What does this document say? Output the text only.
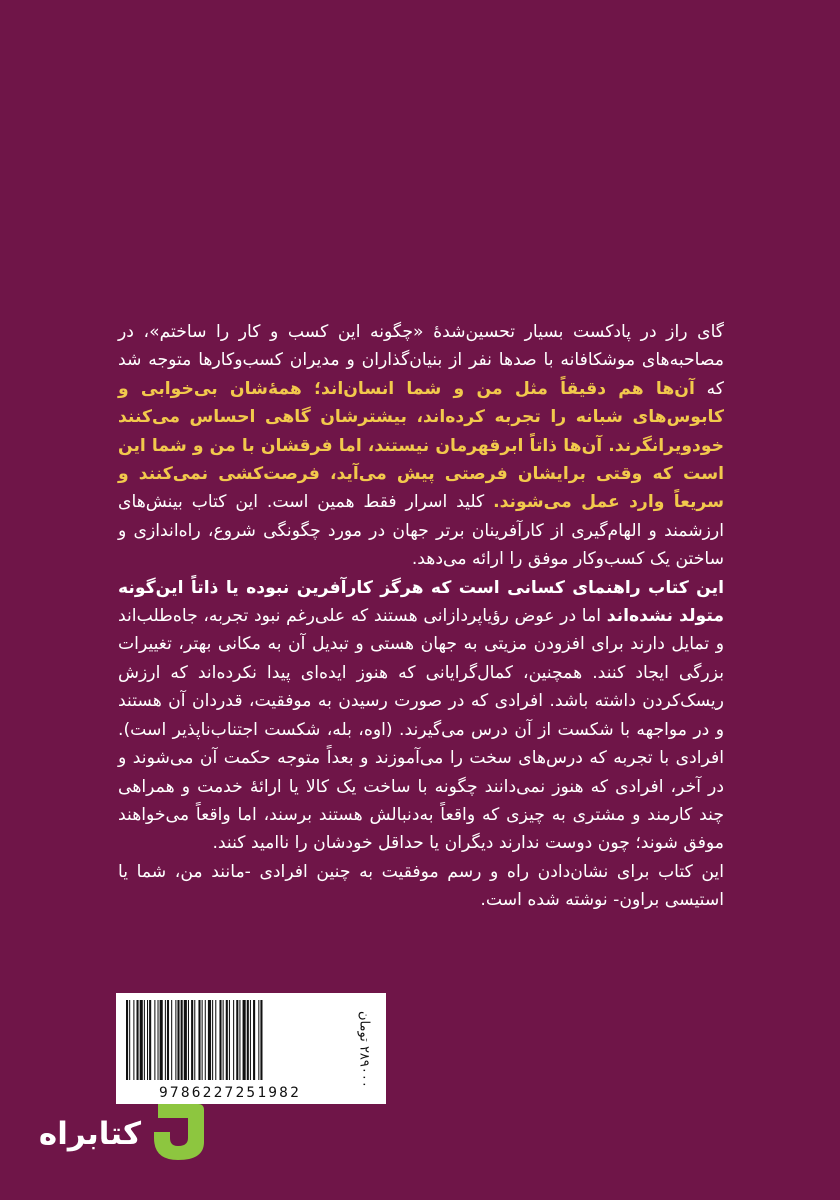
گای راز در پادکست بسیار تحسین‌شدهٔ «چگونه این کسب و کار را ساختم»، در مصاحبه‌های موشکافانه با صدها نفر از بنیان‌گذاران و مدیران کسب‌وکارها متوجه شد که آن‌ها هم دقیقاً مثل من و شما انسان‌اند؛ همهٔ‌شان بی‌خوابی و کابوس‌های شبانه را تجربه کرده‌اند، بیشترشان گاهی احساس می‌کنند خودویرانگرند. آن‌ها ذاتاً ابرقهرمان نیستند، اما فرقشان با من و شما این است که وقتی برایشان فرصتی پیش می‌آید، فرصت‌کشی نمی‌کنند و سریعاً وارد عمل می‌شوند. کلید اسرار فقط همین است. این کتاب بینش‌های ارزشمند و الهام‌گیری از کارآفرینان برتر جهان در مورد چگونگی شروع، راه‌اندازی و ساختن یک کسب‌وکار موفق را ارائه می‌دهد.

این کتاب راهنمای کسانی است که هرگز کارآفرین نبوده یا ذاتاً این‌گونه متولد نشده‌اند اما در عوض رؤیاپردازانی هستند که علی‌رغم نبود تجربه، جاه‌طلب‌اند و تمایل دارند برای افزودن مزیتی به جهان هستی و تبدیل آن به مکانی بهتر، تغییرات بزرگی ایجاد کنند. همچنین، کمال‌گرایانی که هنوز ایده‌ای پیدا نکرده‌اند که ارزش ریسک‌کردن داشته باشد. افرادی که در صورت رسیدن به موفقیت، قدردان آن هستند و در مواجهه با شکست از آن درس می‌گیرند. (اوه، بله، شکست اجتناب‌ناپذیر است). افرادی با تجربه که درس‌های سخت را می‌آموزند و بعداً متوجه حکمت آن می‌شوند و در آخر، افرادی که هنوز نمی‌دانند چگونه با ساخت یک کالا یا ارائهٔ خدمت و همراهی چند کارمند و مشتری به چیزی که واقعاً به‌دنبالش هستند برسند، اما واقعاً می‌خواهند موفق شوند؛ چون دوست ندارند دیگران یا حداقل خودشان را ناامید کنند.

این کتاب برای نشان‌دادن راه و رسم موفقیت به چنین افرادی -مانند من، شما یا استیسی براون- نوشته شده است.

9786227251982
۲۸۹۰۰۰ تومان
کتابراه
